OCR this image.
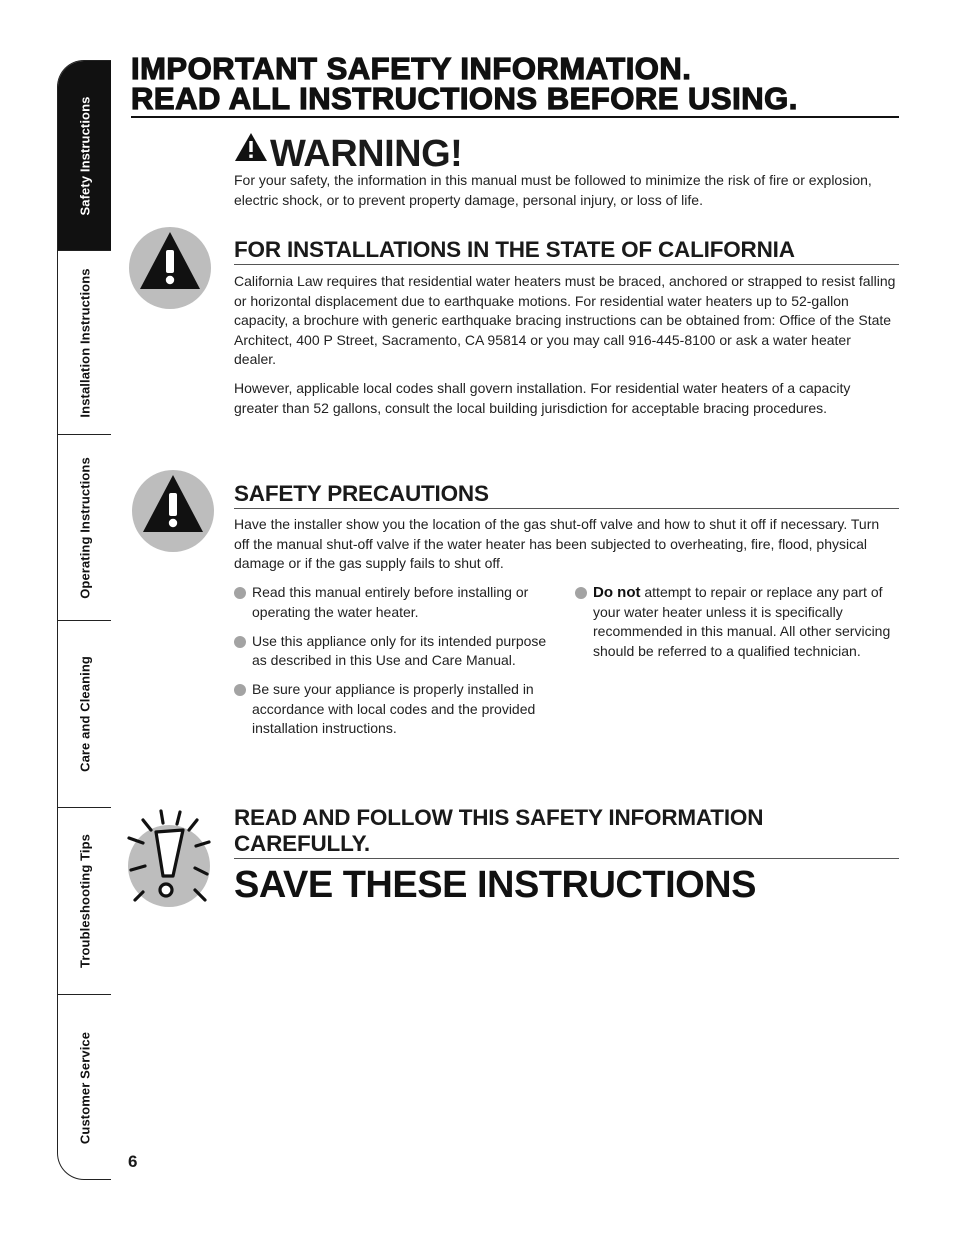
Safety Instructions
Installation Instructions
Operating Instructions
Care and Cleaning
Troubleshooting Tips
Customer Service
IMPORTANT SAFETY INFORMATION.
READ ALL INSTRUCTIONS BEFORE USING.
WARNING!
For your safety, the information in this manual must be followed to minimize the risk of fire or explosion, electric shock, or to prevent property damage, personal injury, or loss of life.
FOR INSTALLATIONS IN THE STATE OF CALIFORNIA
California Law requires that residential water heaters must be braced, anchored or strapped to resist falling or horizontal displacement due to earthquake motions. For residential water heaters up to 52-gallon capacity, a brochure with generic earthquake bracing instructions can be obtained from: Office of the State Architect, 400 P Street, Sacramento, CA 95814 or you may call 916-445-8100 or ask a water heater dealer.
However, applicable local codes shall govern installation. For residential water heaters of a capacity greater than 52 gallons, consult the local building jurisdiction for acceptable bracing procedures.
SAFETY PRECAUTIONS
Have the installer show you the location of the gas shut-off valve and how to shut it off if necessary. Turn off the manual shut-off valve if the water heater has been subjected to overheating, fire, flood, physical damage or if the gas supply fails to shut off.
Read this manual entirely before installing or operating the water heater.
Use this appliance only for its intended purpose as described in this Use and Care Manual.
Be sure your appliance is properly installed in accordance with local codes and the provided installation instructions.
Do not attempt to repair or replace any part of your water heater unless it is specifically recommended in this manual. All other servicing should be referred to a qualified technician.
READ AND FOLLOW THIS SAFETY INFORMATION CAREFULLY.
SAVE THESE INSTRUCTIONS
6
